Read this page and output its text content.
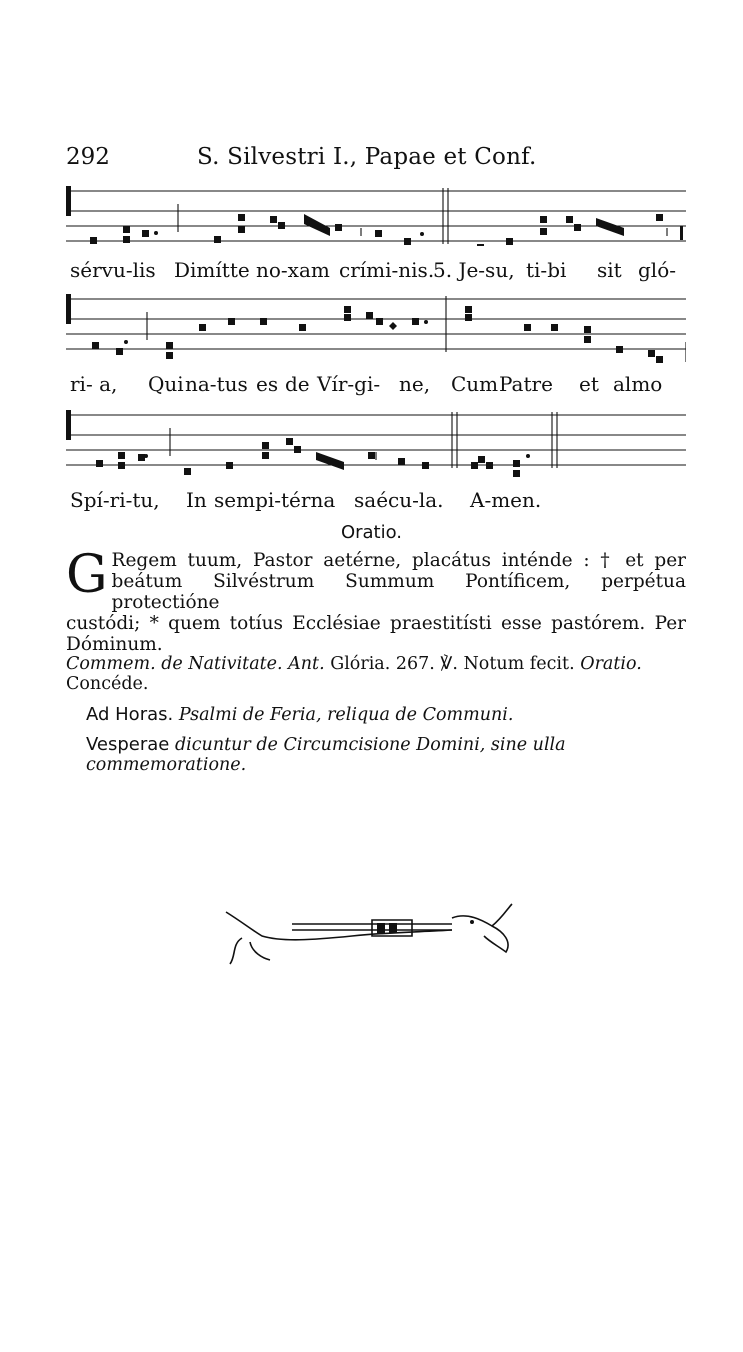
292	S. Silvestri I., Papae et Conf.
sérvu-lis Dimítte no-xam crími-nis.
5. Je-su, ti-bi sit gló-
ri- a, Qui na-tus es de Vír-gi- ne, Cum Patre et almo
Spí-ri-tu, In sempi-térna saécu-la. A-men.
Oratio.
G Regem tuum, Pastor aetérne, placátus inténde : † et per
beátum Silvéstrum Summum Pontíficem, perpétua protectióne
custódi; * quem totíus Ecclésiae praestitísti esse pastórem. Per
Dóminum.
Commem. de Nativitate. Ant. Glória. 267. ℣. Notum fecit. Oratio.
Concéde.
Ad Horas. Psalmi de Feria, reliqua de Communi.
Vesperae dicuntur de Circumcisione Domini, sine ulla commemoratione.
